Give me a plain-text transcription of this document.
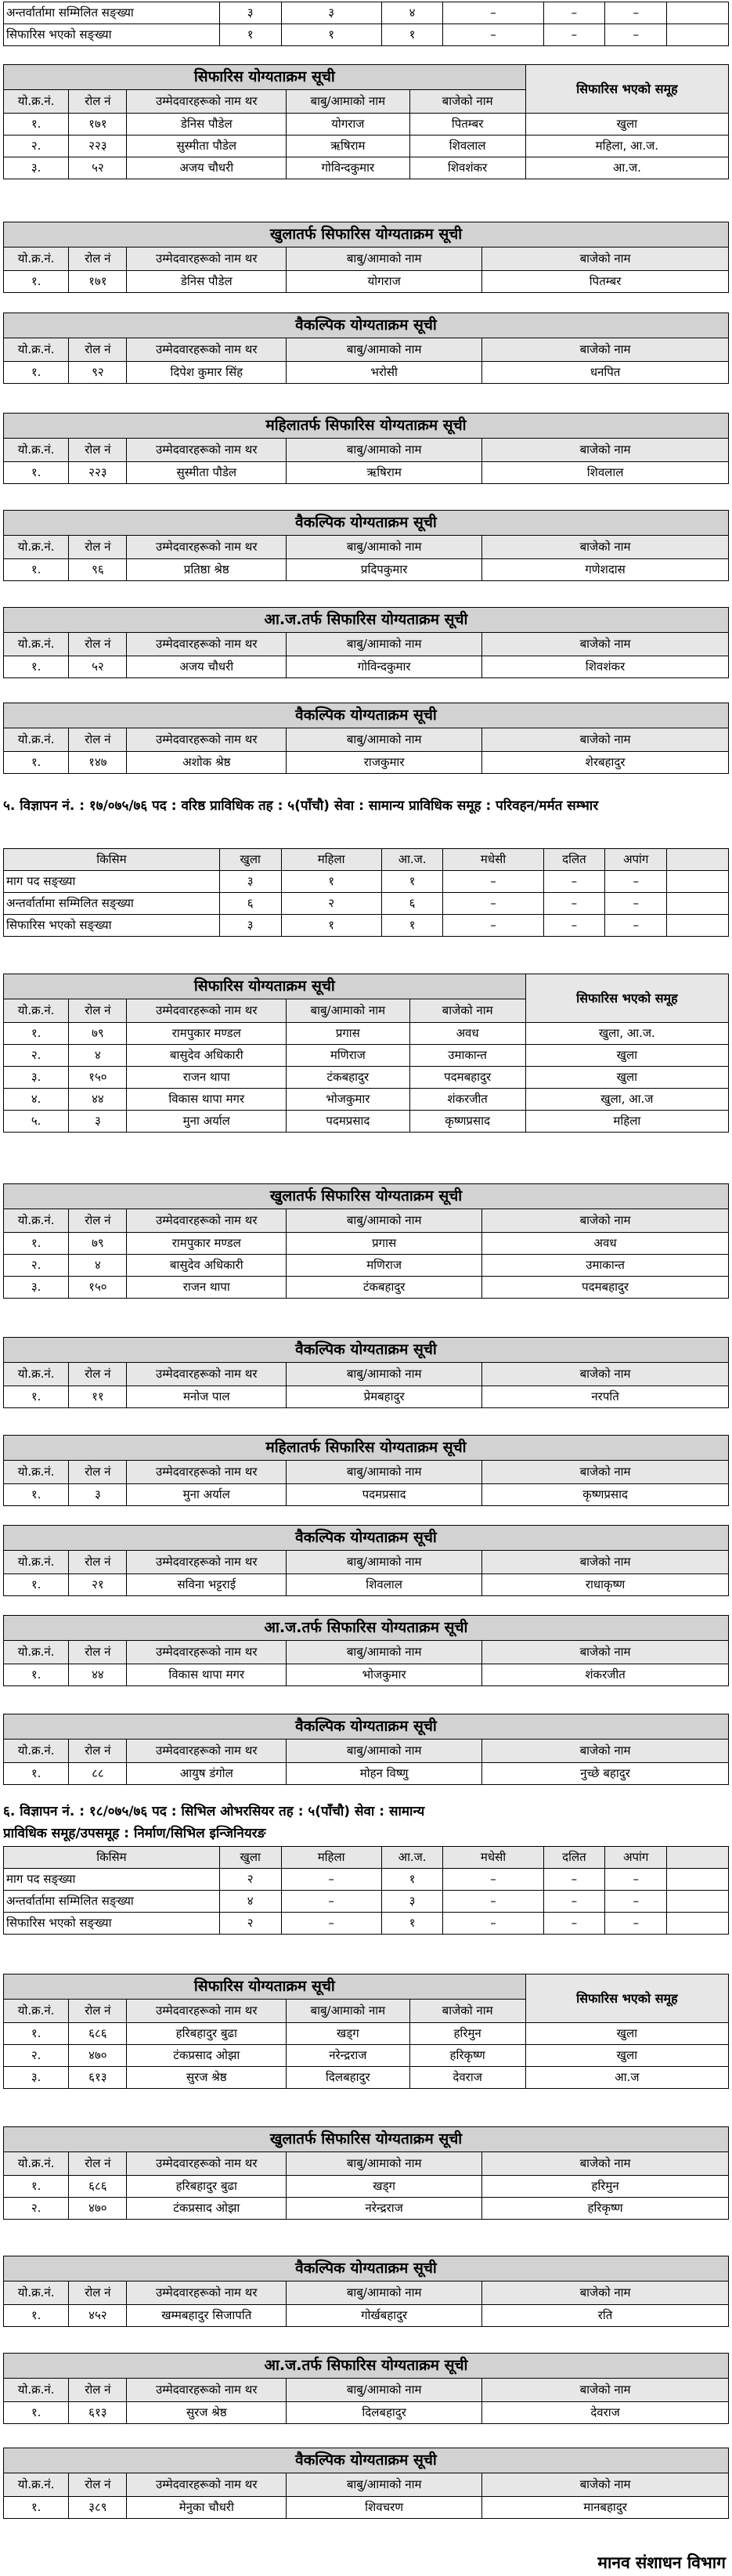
अन्तर्वार्तामा सम्मिलित सङ्ख्या	३	३	४	–	–	–	
सिफारिस भएको सङ्ख्या	१	१	१	–	–	–	
सिफारिस योग्यताक्रम सूची					सिफारिस भएको समूह
यो.क्र.नं.	रोल नं	उम्मेदवारहरूको नाम थर	बाबु/आमाको नाम	बाजेको नाम	
१.	१७१	डेनिस पौडेल	योगराज	पितम्बर	खुला
२.	२२३	सुस्मीता पौडेल	ऋषिराम	शिवलाल	महिला, आ.ज.
३.	५२	अजय चौधरी	गोविन्दकुमार	शिवशंकर	आ.ज.
खुलातर्फ सिफारिस योग्यताक्रम सूची				
यो.क्र.नं.	रोल नं	उम्मेदवारहरूको नाम थर	बाबु/आमाको नाम	बाजेको नाम
१.	१७१	डेनिस पौडेल	योगराज	पितम्बर
वैकल्पिक योग्यताक्रम सूची				
यो.क्र.नं.	रोल नं	उम्मेदवारहरूको नाम थर	बाबु/आमाको नाम	बाजेको नाम
१.	९२	दिपेश कुमार सिंह	भरोसी	धनपित
महिलातर्फ सिफारिस योग्यताक्रम सूची				
यो.क्र.नं.	रोल नं	उम्मेदवारहरूको नाम थर	बाबु/आमाको नाम	बाजेको नाम
१.	२२३	सुस्मीता पौडेल	ऋषिराम	शिवलाल
वैकल्पिक योग्यताक्रम सूची				
यो.क्र.नं.	रोल नं	उम्मेदवारहरूको नाम थर	बाबु/आमाको नाम	बाजेको नाम
१.	९६	प्रतिष्ठा श्रेष्ठ	प्रदिपकुमार	गणेशदास
आ.ज.तर्फ सिफारिस योग्यताक्रम सूची				
यो.क्र.नं.	रोल नं	उम्मेदवारहरूको नाम थर	बाबु/आमाको नाम	बाजेको नाम
१.	५२	अजय चौधरी	गोविन्दकुमार	शिवशंकर
वैकल्पिक योग्यताक्रम सूची				
यो.क्र.नं.	रोल नं	उम्मेदवारहरूको नाम थर	बाबु/आमाको नाम	बाजेको नाम
१.	१४७	अशोक श्रेष्ठ	राजकुमार	शेरबहादुर
५. विज्ञापन नं. : १७/०७५/७६ पद : वरिष्ठ प्राविधिक तह : ५(पाँचौ) सेवा : सामान्य प्राविधिक समूह : परिवहन/मर्मत सम्भार
किसिम	खुला	महिला	आ.ज.	मधेसी	दलित	अपांग	
माग पद सङ्ख्या	३	१	१	–	–	–	
अन्तर्वार्तामा सम्मिलित सङ्ख्या	६	२	६	–	–	–	
सिफारिस भएको सङ्ख्या	३	१	१	–	–	–	
सिफारिस योग्यताक्रम सूची					सिफारिस भएको समूह
यो.क्र.नं.	रोल नं	उम्मेदवारहरूको नाम थर	बाबु/आमाको नाम	बाजेको नाम	
१.	७९	रामपुकार मण्डल	प्रगास	अवध	खुला, आ.ज.
२.	४	बासुदेव अधिकारी	मणिराज	उमाकान्त	खुला
३.	१५०	राजन थापा	टंकबहादुर	पदमबहादुर	खुला
४.	४४	विकास थापा मगर	भोजकुमार	शंकरजीत	खुला, आ.ज
५.	३	मुना अर्याल	पदमप्रसाद	कृष्णप्रसाद	महिला
खुलातर्फ सिफारिस योग्यताक्रम सूची				
यो.क्र.नं.	रोल नं	उम्मेदवारहरूको नाम थर	बाबु/आमाको नाम	बाजेको नाम
१.	७९	रामपुकार मण्डल	प्रगास	अवध
२.	४	बासुदेव अधिकारी	मणिराज	उमाकान्त
३.	१५०	राजन थापा	टंकबहादुर	पदमबहादुर
वैकल्पिक योग्यताक्रम सूची				
यो.क्र.नं.	रोल नं	उम्मेदवारहरूको नाम थर	बाबु/आमाको नाम	बाजेको नाम
१.	११	मनोज पाल	प्रेमबहादुर	नरपति
महिलातर्फ सिफारिस योग्यताक्रम सूची				
यो.क्र.नं.	रोल नं	उम्मेदवारहरूको नाम थर	बाबु/आमाको नाम	बाजेको नाम
१.	३	मुना अर्याल	पदमप्रसाद	कृष्णप्रसाद
वैकल्पिक योग्यताक्रम सूची				
यो.क्र.नं.	रोल नं	उम्मेदवारहरूको नाम थर	बाबु/आमाको नाम	बाजेको नाम
१.	२१	सविना भट्टराई	शिवलाल	राधाकृष्ण
आ.ज.तर्फ सिफारिस योग्यताक्रम सूची				
यो.क्र.नं.	रोल नं	उम्मेदवारहरूको नाम थर	बाबु/आमाको नाम	बाजेको नाम
१.	४४	विकास थापा मगर	भोजकुमार	शंकरजीत
वैकल्पिक योग्यताक्रम सूची				
यो.क्र.नं.	रोल नं	उम्मेदवारहरूको नाम थर	बाबु/आमाको नाम	बाजेको नाम
१.	८८	आयुष डंगोल	मोहन विष्णु	नुच्छे बहादुर
६. विज्ञापन नं. : १८/०७५/७६ पद : सिभिल ओभरसियर तह : ५(पाँचौ) सेवा : सामान्य
प्राविधिक समूह/उपसमूह : निर्माण/सिभिल इन्जिनियरङ
किसिम	खुला	महिला	आ.ज.	मधेसी	दलित	अपांग	
माग पद सङ्ख्या	२	–	१	–	–	–	
अन्तर्वार्तामा सम्मिलित सङ्ख्या	४	–	३	–	–	–	
सिफारिस भएको सङ्ख्या	२	–	१	–	–	–	
सिफारिस योग्यताक्रम सूची					सिफारिस भएको समूह
यो.क्र.नं.	रोल नं	उम्मेदवारहरूको नाम थर	बाबु/आमाको नाम	बाजेको नाम	
१.	६८६	हरिबहादुर बुढा	खड्ग	हरिमुन	खुला
२.	४७०	टंकप्रसाद ओझा	नरेन्द्रराज	हरिकृष्ण	खुला
३.	६१३	सुरज श्रेष्ठ	दिलबहादुर	देवराज	आ.ज
खुलातर्फ सिफारिस योग्यताक्रम सूची				
यो.क्र.नं.	रोल नं	उम्मेदवारहरूको नाम थर	बाबु/आमाको नाम	बाजेको नाम
१.	६८६	हरिबहादुर बुढा	खड्ग	हरिमुन
२.	४७०	टंकप्रसाद ओझा	नरेन्द्रराज	हरिकृष्ण
वैकल्पिक योग्यताक्रम सूची				
यो.क्र.नं.	रोल नं	उम्मेदवारहरूको नाम थर	बाबु/आमाको नाम	बाजेको नाम
१.	४५२	खम्मबहादुर सिजापति	गोर्खबहादुर	रति
आ.ज.तर्फ सिफारिस योग्यताक्रम सूची				
यो.क्र.नं.	रोल नं	उम्मेदवारहरूको नाम थर	बाबु/आमाको नाम	बाजेको नाम
१.	६१३	सुरज श्रेष्ठ	दिलबहादुर	देवराज
वैकल्पिक योग्यताक्रम सूची				
यो.क्र.नं.	रोल नं	उम्मेदवारहरूको नाम थर	बाबु/आमाको नाम	बाजेको नाम
१.	३८९	मेनुका चौधरी	शिवचरण	मानबहादुर
मानव संशाधन विभाग
